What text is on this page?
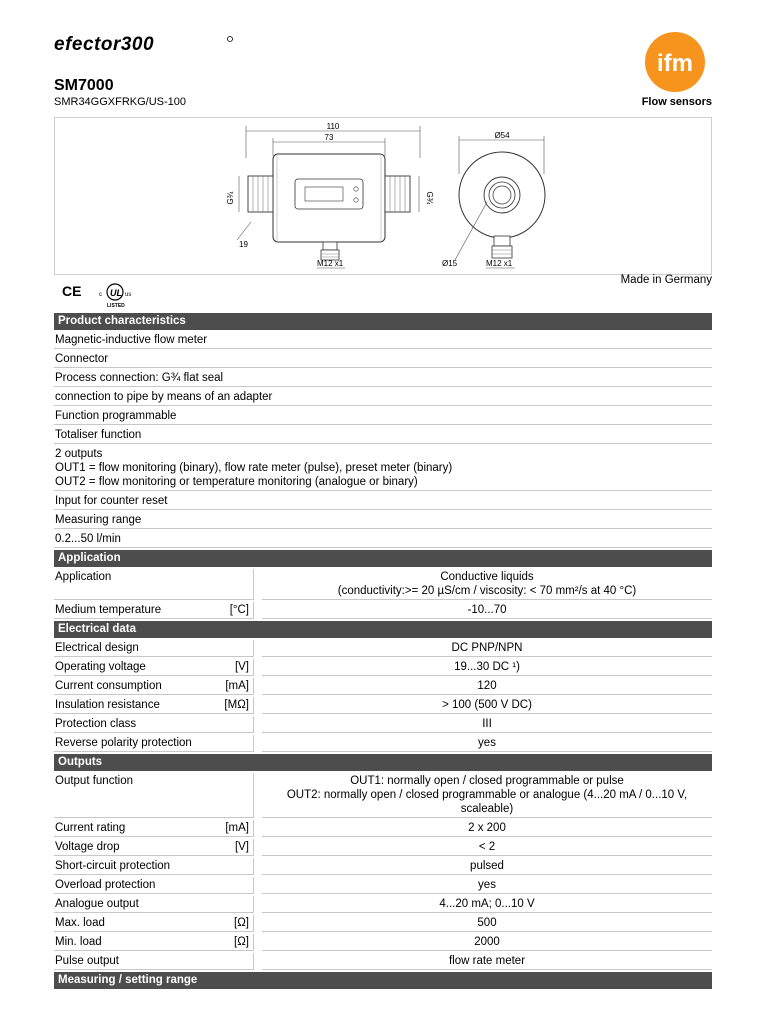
efector300
ifm
SM7000
SMR34GGXFRKG/US-100	Flow sensors
110
73
G¾	G¾
19
M12 x1
Ø54
M12 x1
Ø15
CE	UL
c	us
LISTED
Made in Germany
Product characteristics
Magnetic-inductive flow meter
Connector
Process connection: G¾ flat seal
connection to pipe by means of an adapter
Function programmable
Totaliser function
2 outputs
OUT1 = flow monitoring (binary), flow rate meter (pulse), preset meter (binary)
OUT2 = flow monitoring or temperature monitoring (analogue or binary)
Input for counter reset
Measuring range
0.2...50 l/min
Application
Application	Conductive liquids
(conductivity:>= 20 µS/cm / viscosity: < 70 mm²/s at 40 °C)
Medium temperature	[°C]	-10...70
Electrical data
Electrical design	DC PNP/NPN
Operating voltage	[V]	19...30 DC ¹)
Current consumption	[mA]	120
Insulation resistance	[MΩ]	> 100 (500 V DC)
Protection class	III
Reverse polarity protection	yes
Outputs
Output function	OUT1: normally open / closed programmable or pulse
OUT2: normally open / closed programmable or analogue (4...20 mA / 0...10 V,
scaleable)
Current rating	[mA]	2 x 200
Voltage drop	[V]	< 2
Short-circuit protection	pulsed
Overload protection	yes
Analogue output	4...20 mA; 0...10 V
Max. load	[Ω]	500
Min. load	[Ω]	2000
Pulse output	flow rate meter
Measuring / setting range
